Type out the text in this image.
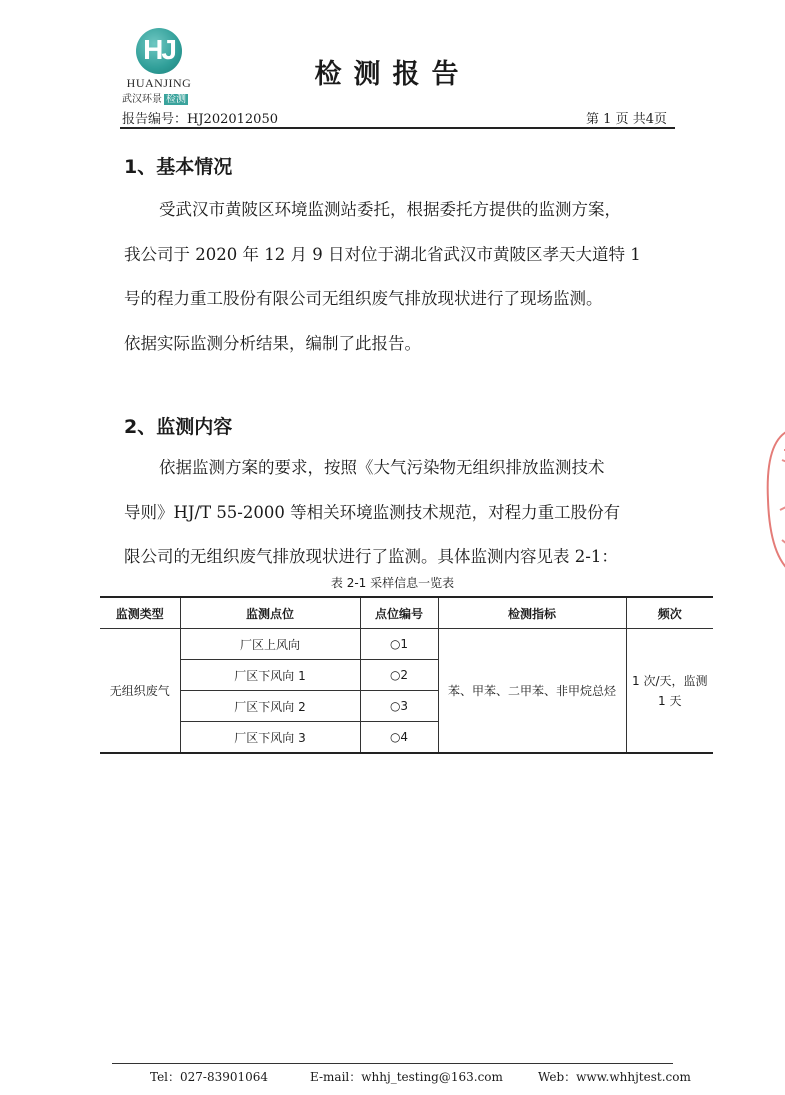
HJ
HUANJING
武汉环景 检测
检测报告
报告编号：HJ202012050	第 1 页 共4页
1、基本情况

受武汉市黄陂区环境监测站委托，根据委托方提供的监测方案，

我公司于 2020 年 12 月 9 日对位于湖北省武汉市黄陂区孝天大道特 1

号的程力重工股份有限公司无组织废气排放现状进行了现场监测。

依据实际监测分析结果，编制了此报告。

2、监测内容

依据监测方案的要求，按照《大气污染物无组织排放监测技术

导则》HJ/T 55-2000 等相关环境监测技术规范，对程力重工股份有

限公司的无组织废气排放现状进行了监测。具体监测内容见表 2-1：

表 2-1 采样信息一览表
监测类型	监测点位	点位编号	检测指标	频次
无组织废气	厂区上风向	○1	苯、甲苯、二甲苯、非甲烷总烃	1 次/天，监测 1 天
	厂区下风向 1	○2		
	厂区下风向 2	○3		
	厂区下风向 3	○4		
Tel：027-83901064	E-mail：whhj_testing@163.com	Web：www.whhjtest.com
